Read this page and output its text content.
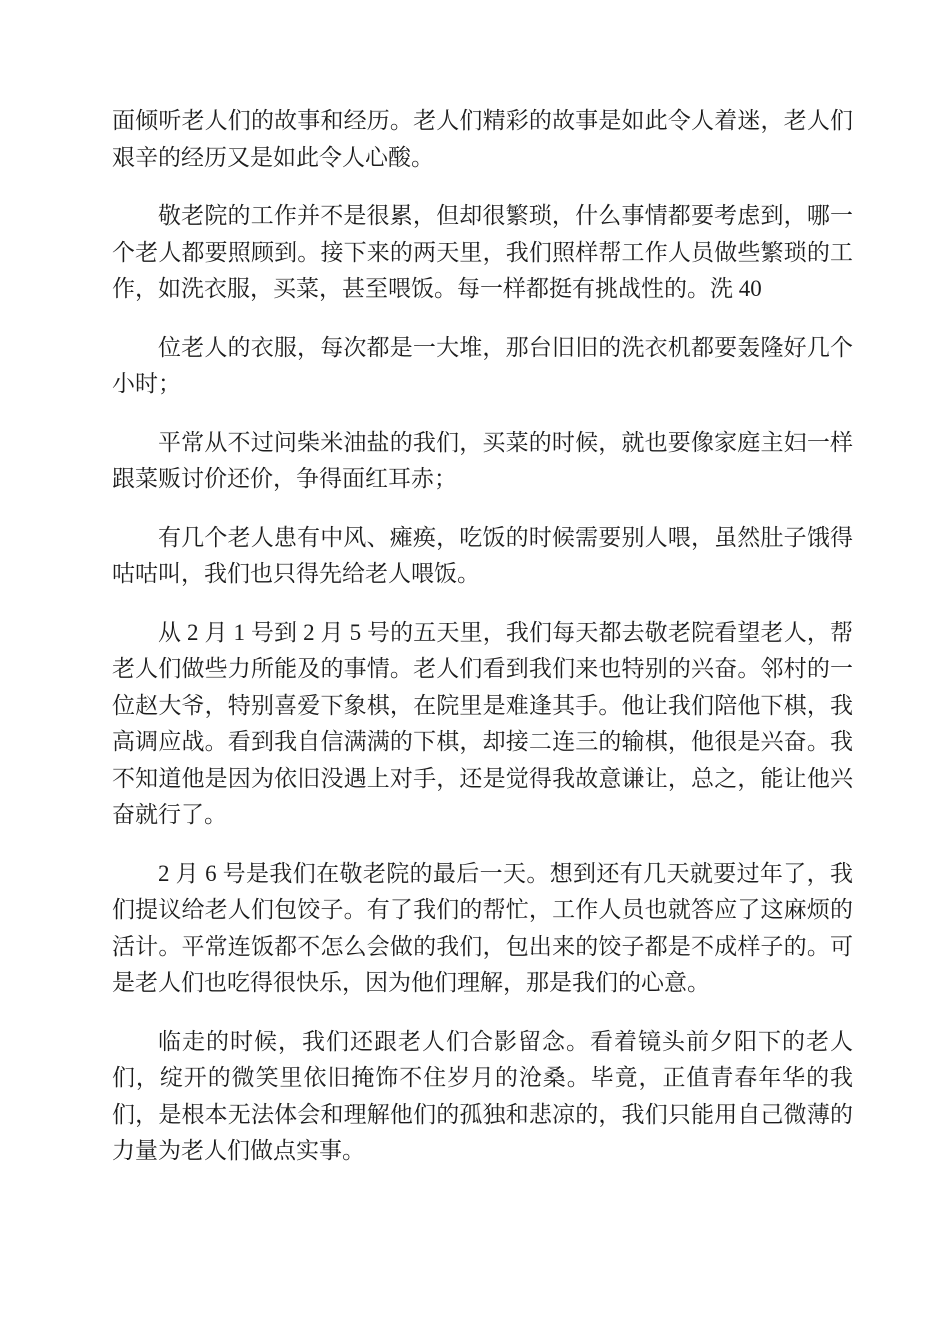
面倾听老人们的故事和经历。老人们精彩的故事是如此令人着迷，老人们艰辛的经历又是如此令人心酸。

敬老院的工作并不是很累，但却很繁琐，什么事情都要考虑到，哪一个老人都要照顾到。接下来的两天里，我们照样帮工作人员做些繁琐的工作，如洗衣服，买菜，甚至喂饭。每一样都挺有挑战性的。洗 40

位老人的衣服，每次都是一大堆，那台旧旧的洗衣机都要轰隆好几个小时；

平常从不过问柴米油盐的我们，买菜的时候，就也要像家庭主妇一样跟菜贩讨价还价，争得面红耳赤；

有几个老人患有中风、瘫痪，吃饭的时候需要别人喂，虽然肚子饿得咕咕叫，我们也只得先给老人喂饭。

从 2 月 1 号到 2 月 5 号的五天里，我们每天都去敬老院看望老人，帮老人们做些力所能及的事情。老人们看到我们来也特别的兴奋。邻村的一位赵大爷，特别喜爱下象棋，在院里是难逢其手。他让我们陪他下棋，我高调应战。看到我自信满满的下棋，却接二连三的输棋，他很是兴奋。我不知道他是因为依旧没遇上对手，还是觉得我故意谦让，总之，能让他兴奋就行了。

2 月 6 号是我们在敬老院的最后一天。想到还有几天就要过年了，我们提议给老人们包饺子。有了我们的帮忙，工作人员也就答应了这麻烦的活计。平常连饭都不怎么会做的我们，包出来的饺子都是不成样子的。可是老人们也吃得很快乐，因为他们理解，那是我们的心意。

临走的时候，我们还跟老人们合影留念。看着镜头前夕阳下的老人们，绽开的微笑里依旧掩饰不住岁月的沧桑。毕竟，正值青春年华的我们，是根本无法体会和理解他们的孤独和悲凉的，我们只能用自己微薄的力量为老人们做点实事。
